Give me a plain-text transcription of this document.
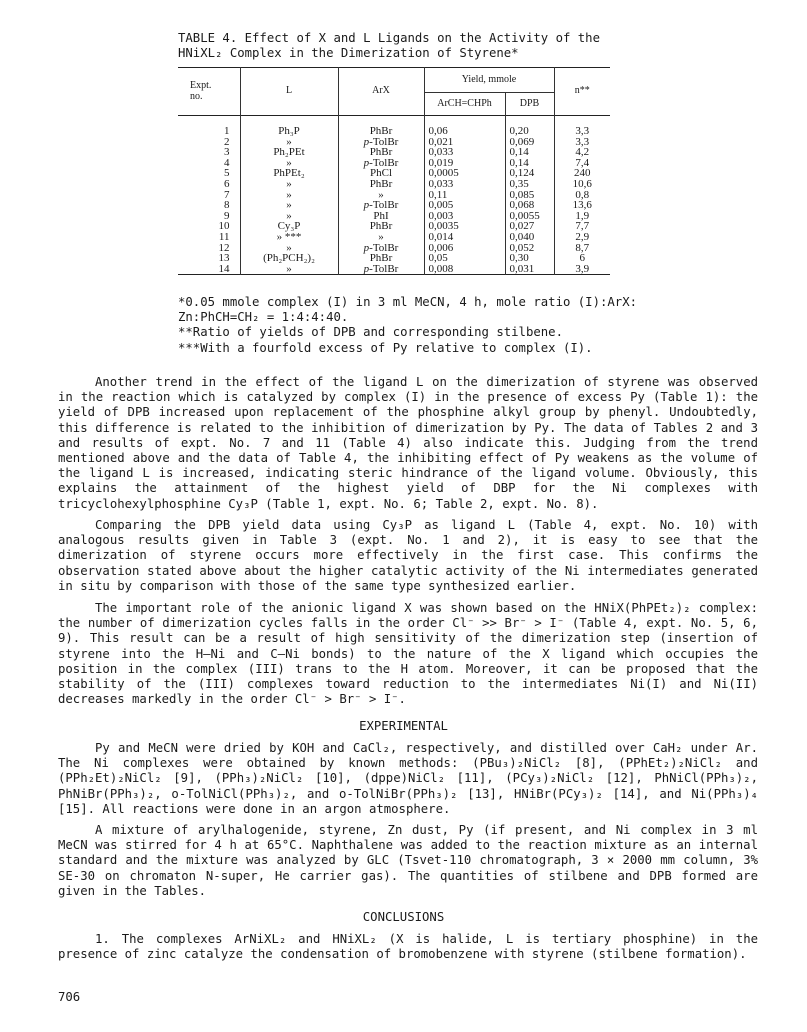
TABLE 4. Effect of X and L Ligands on the Activity of the
HNiXL₂ Complex in the Dimerization of Styrene*
Expt.
no.	L	ArX	Yield, mmole		n**
			ArCH=CHPh	DPB	
1	Ph₃P	PhBr	0,06	0,20	3,3
2	»	p-TolBr	0,021	0,069	3,3
3	Ph₂PEt	PhBr	0,033	0,14	4,2
4	»	p-TolBr	0,019	0,14	7,4
5	PhPEt₂	PhCl	0,0005	0,124	240
6	»	PhBr	0,033	0,35	10,6
7	»	»	0,11	0,085	0,8
8	»	p-TolBr	0,005	0,068	13,6
9	»	PhI	0,003	0,0055	1,9
10	Cy₃P	PhBr	0,0035	0,027	7,7
11	» ***	»	0,014	0,040	2,9
12	»	p-TolBr	0,006	0,052	8,7
13	(Ph₂PCH₂)₂	PhBr	0,05	0,30	6
14	»	p-TolBr	0,008	0,031	3,9
*0.05 mmole complex (I) in 3 ml MeCN, 4 h, mole ratio (I):ArX:
Zn:PhCH=CH₂ = 1:4:4:40.
**Ratio of yields of DPB and corresponding stilbene.
***With a fourfold excess of Py relative to complex (I).
Another trend in the effect of the ligand L on the dimerization of styrene was observed in the reaction which is catalyzed by complex (I) in the presence of excess Py (Table 1): the yield of DPB increased upon replacement of the phosphine alkyl group by phenyl. Undoubtedly, this difference is related to the inhibition of dimerization by Py. The data of Tables 2 and 3 and results of expt. No. 7 and 11 (Table 4) also indicate this. Judging from the trend mentioned above and the data of Table 4, the inhibiting effect of Py weakens as the volume of the ligand L is increased, indicating steric hindrance of the ligand volume. Obviously, this explains the attainment of the highest yield of DBP for the Ni complexes with tricyclohexylphosphine Cy₃P (Table 1, expt. No. 6; Table 2, expt. No. 8).
Comparing the DPB yield data using Cy₃P as ligand L (Table 4, expt. No. 10) with analogous results given in Table 3 (expt. No. 1 and 2), it is easy to see that the dimerization of styrene occurs more effectively in the first case. This confirms the observation stated above about the higher catalytic activity of the Ni intermediates generated in situ by comparison with those of the same type synthesized earlier.
The important role of the anionic ligand X was shown based on the HNiX(PhPEt₂)₂ complex: the number of dimerization cycles falls in the order Cl⁻ >> Br⁻ > I⁻ (Table 4, expt. No. 5, 6, 9). This result can be a result of high sensitivity of the dimerization step (insertion of styrene into the H–Ni and C–Ni bonds) to the nature of the X ligand which occupies the position in the complex (III) trans to the H atom. Moreover, it can be proposed that the stability of the (III) complexes toward reduction to the intermediates Ni(I) and Ni(II) decreases markedly in the order Cl⁻ > Br⁻ > I⁻.
EXPERIMENTAL
Py and MeCN were dried by KOH and CaCl₂, respectively, and distilled over CaH₂ under Ar. The Ni complexes were obtained by known methods: (PBu₃)₂NiCl₂ [8], (PPhEt₂)₂NiCl₂ and (PPh₂Et)₂NiCl₂ [9], (PPh₃)₂NiCl₂ [10], (dppe)NiCl₂ [11], (PCy₃)₂NiCl₂ [12], PhNiCl(PPh₃)₂, PhNiBr(PPh₃)₂, o-TolNiCl(PPh₃)₂, and o-TolNiBr(PPh₃)₂ [13], HNiBr(PCy₃)₂ [14], and Ni(PPh₃)₄ [15]. All reactions were done in an argon atmosphere.
A mixture of arylhalogenide, styrene, Zn dust, Py (if present, and Ni complex in 3 ml MeCN was stirred for 4 h at 65°C. Naphthalene was added to the reaction mixture as an internal standard and the mixture was analyzed by GLC (Tsvet-110 chromatograph, 3 × 2000 mm column, 3% SE-30 on chromaton N-super, He carrier gas). The quantities of stilbene and DPB formed are given in the Tables.
CONCLUSIONS
1. The complexes ArNiXL₂ and HNiXL₂ (X is halide, L is tertiary phosphine) in the presence of zinc catalyze the condensation of bromobenzene with styrene (stilbene formation).
706
